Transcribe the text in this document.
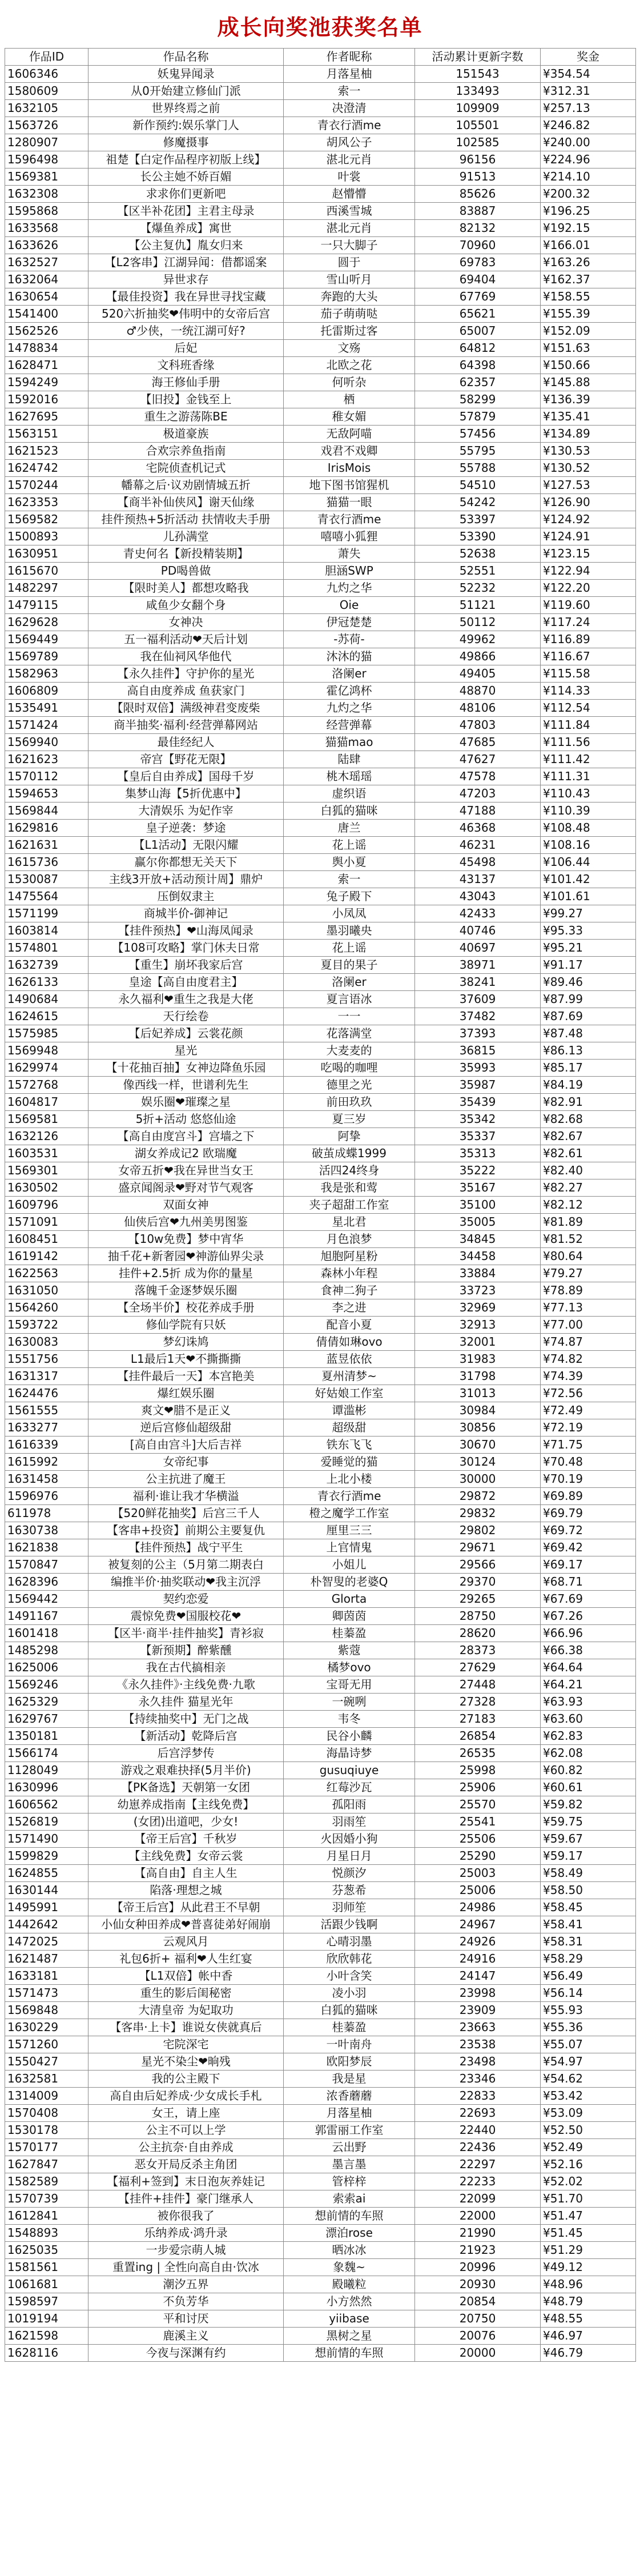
成长向奖池获奖名单
作品ID	作品名称	作者昵称	活动累计更新字数	奖金
1606346	妖鬼异闻录	月落星柚	151543	¥354.54
1580609	从0开始建立修仙门派	索一	133493	¥312.31
1632105	世界终焉之前	决澄清	109909	¥257.13
1563726	新作预约:娱乐掌门人	青衣行酒me	105501	¥246.82
1280907	修魔摄事	胡风公子	102585	¥240.00
1596498	祖楚【白定作品程序初版上线】	湛北元肖	96156	¥224.96
1569381	长公主她不娇百媚	叶裳	91513	¥214.10
1632308	求求你们更新吧	赵懵懵	85626	¥200.32
1595868	【区半补花团】主君主母录	西溪雪城	83887	¥196.25
1633568	【爆鱼养成】寓世	湛北元肖	82132	¥192.15
1633626	【公主复仇】胤女归来	一只大脚子	70960	¥166.01
1632527	【L2客串】江湖异闻：借都谣案	圆于	69783	¥163.26
1632064	异世求存	雪山听月	69404	¥162.37
1630654	【最佳投资】我在异世寻找宝藏	奔跑的大头	67769	¥158.55
1541400	520六折抽奖❤伟明中的女帝后宫	茄子萌萌哒	65621	¥155.39
1562526	♂少侠，一统江湖可好?	托雷斯过客	65007	¥152.09
1478834	后妃	文殇	64812	¥151.63
1628471	文科班香缘	北欧之花	64398	¥150.66
1594249	海王修仙手册	何听杂	62357	¥145.88
1592016	【旧投】金钱至上	栖	58299	¥136.39
1627695	重生之游荡陈BE	稚女媚	57879	¥135.41
1563151	极道豪族	无敌阿喵	57456	¥134.89
1621523	合欢宗养鱼指南	戏君不戏卿	55795	¥130.53
1624742	宅院侦查机记式	IrisMois	55788	¥130.52
1570244	幡幕之后·议劝剧情城五折	地下图书馆猩机	54510	¥127.53
1623353	【商半补仙侠风】谢天仙缘	猫猫一眼	54242	¥126.90
1569582	挂件预热+5折活动 扶情收夫手册	青衣行酒me	53397	¥124.92
1500893	儿孙满堂	嘻嘻小狐狸	53390	¥124.91
1630951	青史何名【新投精装期】	萧失	52638	¥123.15
1615670	PD喝兽做	胆涵SWP	52551	¥122.94
1482297	【限时美人】都想攻略我	九灼之华	52232	¥122.20
1479115	咸鱼少女翻个身	Oie	51121	¥119.60
1629628	女神决	伊冠楚楚	50112	¥117.24
1569449	五一福利活动❤天后计划	-苏荷-	49962	¥116.89
1569789	我在仙祠风华他代	沐沐的猫	49866	¥116.67
1582963	【永久挂件】守护你的星光	洛阑er	49405	¥115.58
1606809	高自由度养成 鱼获家门	霍亿鸿杯	48870	¥114.33
1535491	【限时双倍】满级神君变废柴	九灼之华	48106	¥112.54
1571424	商半抽奖·福利·经营弹幕网站	经营弹幕	47803	¥111.84
1569940	最佳经纪人	猫猫mao	47685	¥111.56
1621623	帝宫【野花无限】	陆肆	47627	¥111.42
1570112	【皇后自由养成】国母千岁	桃木瑶瑶	47578	¥111.31
1594653	集梦山海【5折优惠中】	虚织语	47203	¥110.43
1569844	大清娱乐 为妃作宰	白狐的猫咪	47188	¥110.39
1629816	皇子逆袭：梦途	唐兰	46368	¥108.48
1621631	【L1活动】无限闪耀	花上谣	46231	¥108.16
1615736	赢尔你都想无关天下	舆小夏	45498	¥106.44
1530087	主线3开放+活动预计周】鼎炉	索一	43137	¥101.42
1475564	压倒奴隶主	兔子殿下	43043	¥101.61
1571199	商城半价-御神记	小凤凤	42433	¥99.27
1603814	【挂件预热】❤山海凤闻录	墨羽曦央	40746	¥95.33
1574801	【108可攻略】掌门休夫日常	花上谣	40697	¥95.21
1632739	【重生】崩坏我家后宫	夏目的果子	38971	¥91.17
1626133	皇途【高自由度君主】	洛阑er	38241	¥89.46
1490684	永久福利❤重生之我是大佬	夏言语冰	37609	¥87.99
1624615	天行绘卷	一一	37482	¥87.69
1575985	【后妃养成】云裳花颜	花落满堂	37393	¥87.48
1569948	星光	大麦麦的	36815	¥86.13
1629974	【十花抽百抽】女神边降鱼乐园	吃喝的咖哩	35993	¥85.17
1572768	像西线一样，世谱利先生	德里之光	35987	¥84.19
1604817	娱乐圈❤璀璨之星	前田玖玖	35439	¥82.91
1569581	5折+活动 悠悠仙途	夏三岁	35342	¥82.68
1632126	【高自由度宫斗】宫墙之下	阿挚	35337	¥82.67
1603531	湖女养成记2 欧瑞魔	破茧成蝶1999	35313	¥82.61
1569301	女帝五折❤我在异世当女王	活四24终身	35222	¥82.40
1630502	盛京闻阁录❤野对节气观客	我是张和莺	35167	¥82.27
1609796	双面女神	夹子超甜工作室	35100	¥82.12
1571091	仙侠后宫❤九州美男图鉴	星北君	35005	¥81.89
1608451	【10w免费】梦中宵华	月色浪梦	34845	¥81.52
1619142	抽千花+新奢园❤神游仙界尖录	旭胞阿星粉	34458	¥80.64
1622563	挂件+2.5折 成为你的量星	森林小年程	33884	¥79.27
1631050	落魄千金逐梦娱乐圈	食神二狗子	33723	¥78.89
1564260	【全场半价】校花养成手册	李之进	32969	¥77.13
1593722	修仙学院有只妖	配音小夏	32913	¥77.00
1630083	梦幻诛鸠	倩倩如琳ovo	32001	¥74.87
1551756	L1最后1天❤不撕撕撕	蓝昱依依	31983	¥74.82
1631317	【挂件最后一天】本宫艳美	夏州清梦~	31798	¥74.39
1624476	爆红娱乐圈	好姑娘工作室	31013	¥72.56
1561555	爽文❤腊不是正义	谭滥彬	30984	¥72.49
1633277	逆后宫修仙超级甜	超级甜	30856	¥72.19
1616339	[高自由宫斗]大后吉祥	铁东飞飞	30670	¥71.75
1615992	女帝纪事	爱睡觉的猫	30124	¥70.48
1631458	公主抗进了魔王	上北小楼	30000	¥70.19
1596976	福利·谁让我才华横溢	青衣行酒me	29872	¥69.89
611978	【520鲜花抽奖】后宫三千人	橙之魔学工作室	29832	¥69.79
1630738	【客串+投资】前期公主要复仇	厘里三三	29802	¥69.72
1621838	【挂件预热】战宁平生	上官情鬼	29671	¥69.42
1570847	被复刻的公主（5月第二期表白	小姐儿	29566	¥69.17
1628396	编推半价·抽奖联动❤我主沉浮	朴智叟的老婆Q	29370	¥68.71
1569442	契约恋爱	Glorta	29265	¥67.69
1491167	震惊免费❤国服校花❤	卿茵茵	28750	¥67.26
1601418	【区半·商半·挂件抽奖】青衫寂	桂蓁盈	28620	¥66.96
1485298	【新预期】醉紫醺	紫蔻	28373	¥66.38
1625006	我在古代搞相亲	橘梦ovo	27629	¥64.64
1569246	《永久挂件》·主线免费·九歌	宝哥无用	27448	¥64.21
1625329	永久挂件 猫星光年	一碗咧	27328	¥63.93
1629767	【持续抽奖中】无门之战	韦冬	27183	¥63.60
1350181	【新活动】乾降后宫	民谷小麟	26854	¥62.83
1566174	后宫浮梦传	海晶诗梦	26535	¥62.08
1128049	游戏之艰难抉择(5月半价)	gusuqiuye	25998	¥60.82
1630996	【PK备选】天朝第一女团	红莓沙瓦	25906	¥60.61
1606562	幼崽养成指南【主线免费】	孤阳雨	25570	¥59.82
1526819	(女团)出道吧，少女!	羽雨笙	25541	¥59.75
1571490	【帝王后宫】千秋岁	火因婚小狗	25506	¥59.67
1599829	【主线免费】女帝云裳	月星日月	25290	¥59.17
1624855	【高自由】自主人生	悦颜汐	25003	¥58.49
1630144	陷落·理想之城	芬葱希	25006	¥58.50
1495991	【帝王后宫】从此君王不早朝	羽师笙	24986	¥58.45
1442642	小仙女种田养成❤普喜徒弟好闹崩	活跟少钱啊	24967	¥58.41
1472025	云观风月	心晴羽墨	24926	¥58.31
1621487	礼包6折+ 福利❤人生红宴	欣欣韩花	24916	¥58.29
1633181	【L1双倍】帐中香	小叶含笑	24147	¥56.49
1571473	重生的影后闺秘密	凌小羽	23998	¥56.14
1569848	大清皇帝 为妃取功	白狐的猫咪	23909	¥55.93
1630229	【客串·上卡】谁说女侠就真后	桂蓁盈	23663	¥55.36
1571260	宅院深宅	一叶南舟	23538	¥55.07
1550427	星光不染尘❤晌残	欧阳梦辰	23498	¥54.97
1632581	我的公主殿下	我是星	23346	¥54.62
1314009	高自由后妃养成·少女成长手札	浓香蘑蘑	22833	¥53.42
1570408	女王，请上座	月落星柚	22693	¥53.09
1530178	公主不可以上学	郭雷丽工作室	22440	¥52.50
1570177	公主抗奈·自由养成	云出野	22436	¥52.49
1627847	恶女开局反杀主角团	墨言墨	22297	¥52.16
1582589	【福利+签到】末日泡灰养娃记	管梓梓	22233	¥52.02
1570739	【挂件+挂件】豪门继承人	索索ai	22099	¥51.70
1612841	被你很我了	想前情的车照	22000	¥51.47
1548893	乐纳养成·鸿升录	漂泊rose	21990	¥51.45
1625035	一步爱宗萌人城	晒冰冰	21923	¥51.29
1581561	重置ing | 全性向高自由·饮冰	象魏~	20996	¥49.12
1061681	潮汐五界	殿曦粒	20930	¥48.96
1598597	不负芳华	小方然然	20854	¥48.79
1019194	平和讨厌	yiibase	20750	¥48.55
1621598	鹿溪主义	黑树之星	20076	¥46.97
1628116	今夜与深渊有约	想前情的车照	20000	¥46.79
